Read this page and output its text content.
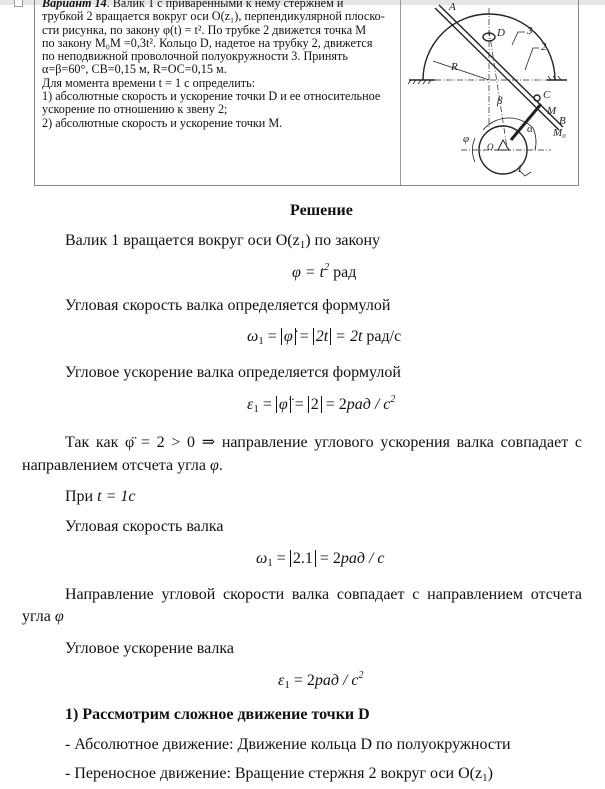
Вариант 14. Валик 1 с приваренными к нему стержнем и
трубкой 2 вращается вокруг оси O(z₁), перпендикулярной плоско-
сти рисунка, по закону φ(t) = t². По трубке 2 движется точка M
по закону M₀M =0,3t². Кольцо D, надетое на трубку 2, движется
по неподвижной проволочной полуокружности 3. Принять
α=β=60°, CB=0,15 м, R=OC=0,15 м.
Для момента времени t = 1 с определить:
1) абсолютные скорость и ускорение точки D и ее относительное
ускорение по отношению к звену 2;
2) абсолютные скорость и ускорение точки M.
A
D 3
2
R
C
β
M
B
M₀
α
φ
O
1
Решение
Валик 1 вращается вокруг оси $O(z_1)$ по закону
$\varphi = t^2$ рад
Угловая скорость валка определяется формулой
$\omega_1$ = φ̇ = 2t = 2t рад/с
Угловое ускорение валка определяется формулой
$\varepsilon_1$ = φ̈ = $2 = 2рад / с^2$
Так как φ̈ = 2 > 0 ⇒ направление углового ускорения валка совпадает с
направлением отсчета угла φ.
При t = 1c
Угловая скорость валка
$\omega_1 = 2.1 = 2рад / с$
Направление угловой скорости валка совпадает с направлением отсчета
угла φ
Угловое ускорение валка
$\varepsilon_1 = 2рад / с^2$
1) Рассмотрим сложное движение точки D
- Абсолютное движение: Движение кольца D по полуокружности
- Переносное движение: Вращение стержня 2 вокруг оси $O(z_1)$
